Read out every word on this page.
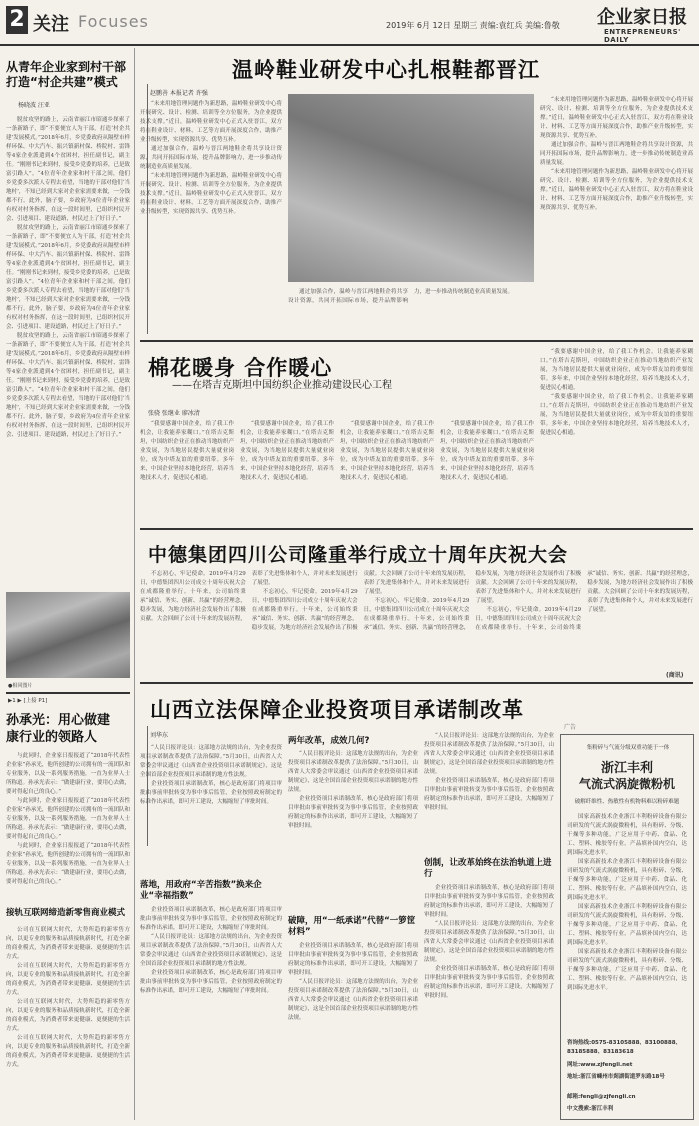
2 关注 Focuses	2019年 6月 12日 星期三 责编:袁红兵 美编:鲁敬 企业家日报
ENTREPRENEURS' DAILY
从青年企业家到村干部
打造“村企共建”模式
杨晓波 汪亚

脱贫攻坚的路上，云南省丽江市昭通乡探索了一条新路子，即“不要便宜人为干部，打造‘村企共建’发展模式。”2018年6月，乡党委政府从隔壁市样样环保、中大汽车、振兴镇新村保、桥院村、雷锋等4家企业派遣到4个贫困村，担任副书记，副主任。“刚刚书记来到村，接受乡党委的培养，已是致富引路人”。“4位青年企业家和村干部之间，他们乡党委多次派人专程去看望，当地的干部对他们‘当地村’，不知已经到大家对企业家需要来做，一分钱都不行。此外，脑子要，乡政府为4位青年企业家有权对村务指挥，在这一段时间里，已组织村民开会、引进项目、建设道路，村民过上了好日子。”

脱贫攻坚的路上，云南省丽江市昭通乡探索了一条新路子，即“不要便宜人为干部，打造‘村企共建’发展模式。”2018年6月，乡党委政府从隔壁市样样环保、中大汽车、振兴镇新村保、桥院村、雷锋等4家企业派遣到4个贫困村，担任副书记，副主任。“刚刚书记来到村，接受乡党委的培养，已是致富引路人”。“4位青年企业家和村干部之间，他们乡党委多次派人专程去看望，当地的干部对他们‘当地村’，不知已经到大家对企业家需要来做，一分钱都不行。此外，脑子要，乡政府为4位青年企业家有权对村务指挥，在这一段时间里，已组织村民开会、引进项目、建设道路，村民过上了好日子。”

脱贫攻坚的路上，云南省丽江市昭通乡探索了一条新路子，即“不要便宜人为干部，打造‘村企共建’发展模式。”2018年6月，乡党委政府从隔壁市样样环保、中大汽车、振兴镇新村保、桥院村、雷锋等4家企业派遣到4个贫困村，担任副书记，副主任。“刚刚书记来到村，接受乡党委的培养，已是致富引路人”。“4位青年企业家和村干部之间，他们乡党委多次派人专程去看望，当地的干部对他们‘当地村’，不知已经到大家对企业家需要来做，一分钱都不行。此外，脑子要，乡政府为4位青年企业家有权对村务指挥，在这一段时间里，已组织村民开会、引进项目、建设道路，村民过上了好日子。”

●相同图片
▶1 ▶ [上接 P1]
孙承光：用心做建
康行业的领路人

与此同时，企业家日报报道了“2018年代表性企业家”孙承光，他所创建的公司拥有的一流团队和专业服务，以及一系列服务措施，一直为业界人士所称道。孙承光表示：“做建康行业，要用心去做，要对得起自己的良心。”

与此同时，企业家日报报道了“2018年代表性企业家”孙承光，他所创建的公司拥有的一流团队和专业服务，以及一系列服务措施，一直为业界人士所称道。孙承光表示：“做建康行业，要用心去做，要对得起自己的良心。”

与此同时，企业家日报报道了“2018年代表性企业家”孙承光，他所创建的公司拥有的一流团队和专业服务，以及一系列服务措施，一直为业界人士所称道。孙承光表示：“做建康行业，要用心去做，要对得起自己的良心。”

接轨互联网缔造新零售商业模式

公司在互联网大时代，大势所趋的新零售方向，以更专业的服务和品质接轨新时代，打造全新的商业模式，为消费者带来更健康、更便捷的生活方式。

公司在互联网大时代，大势所趋的新零售方向，以更专业的服务和品质接轨新时代，打造全新的商业模式，为消费者带来更健康、更便捷的生活方式。

公司在互联网大时代，大势所趋的新零售方向，以更专业的服务和品质接轨新时代，打造全新的商业模式，为消费者带来更健康、更便捷的生活方式。

公司在互联网大时代，大势所趋的新零售方向，以更专业的服务和品质接轨新时代，打造全新的商业模式，为消费者带来更健康、更便捷的生活方式。

温岭鞋业研发中心扎根鞋都晋江
赵鹏善 本报记者 许强

“未来用地管理问题作为新思路，温岭鞋业研发中心将开展研究、设计、检测、培训等全方位服务，为企业提供技术支撑。”近日，温岭鞋业研发中心正式入驻晋江，双方将在鞋业设计、材料、工艺等方面开展深度合作，助推产业升级转型，实现资源共享、优势互补。

通过加强合作，温岭与晋江两地鞋企将共享设计资源，共同开拓国际市场，提升品牌影响力，进一步推动传统制造业高质量发展。

“未来用地管理问题作为新思路，温岭鞋业研发中心将开展研究、设计、检测、培训等全方位服务，为企业提供技术支撑。”近日，温岭鞋业研发中心正式入驻晋江，双方将在鞋业设计、材料、工艺等方面开展深度合作，助推产业升级转型，实现资源共享、优势互补。

通过加强合作，温岭与晋江两地鞋企将共享设计资源，共同开拓国际市场，提升品牌影响力，进一步推动传统制造业高质量发展。

“未来用地管理问题作为新思路，温岭鞋业研发中心将开展研究、设计、检测、培训等全方位服务，为企业提供技术支撑。”近日，温岭鞋业研发中心正式入驻晋江，双方将在鞋业设计、材料、工艺等方面开展深度合作，助推产业升级转型，实现资源共享、优势互补。

通过加强合作，温岭与晋江两地鞋企将共享设计资源，共同开拓国际市场，提升品牌影响力，进一步推动传统制造业高质量发展。

“未来用地管理问题作为新思路，温岭鞋业研发中心将开展研究、设计、检测、培训等全方位服务，为企业提供技术支撑。”近日，温岭鞋业研发中心正式入驻晋江，双方将在鞋业设计、材料、工艺等方面开展深度合作，助推产业升级转型，实现资源共享、优势互补。

棉花暖身 合作暖心
——在塔吉克斯坦中国纺织企业推动建设民心工程
张骁 张继业 廖冰清

“我要感谢中国企业，给了我工作机会，让我能养家糊口。”在塔吉克斯坦，中国纺织企业正在推动当地纺织产业发展，为当地居民提供大量就业岗位，成为中塔友谊的重要纽带。多年来，中国企业坚持本地化经营，培养当地技术人才，促进民心相通。

“我要感谢中国企业，给了我工作机会，让我能养家糊口。”在塔吉克斯坦，中国纺织企业正在推动当地纺织产业发展，为当地居民提供大量就业岗位，成为中塔友谊的重要纽带。多年来，中国企业坚持本地化经营，培养当地技术人才，促进民心相通。

“我要感谢中国企业，给了我工作机会，让我能养家糊口。”在塔吉克斯坦，中国纺织企业正在推动当地纺织产业发展，为当地居民提供大量就业岗位，成为中塔友谊的重要纽带。多年来，中国企业坚持本地化经营，培养当地技术人才，促进民心相通。

“我要感谢中国企业，给了我工作机会，让我能养家糊口。”在塔吉克斯坦，中国纺织企业正在推动当地纺织产业发展，为当地居民提供大量就业岗位，成为中塔友谊的重要纽带。多年来，中国企业坚持本地化经营，培养当地技术人才，促进民心相通。

“我要感谢中国企业，给了我工作机会，让我能养家糊口。”在塔吉克斯坦，中国纺织企业正在推动当地纺织产业发展，为当地居民提供大量就业岗位，成为中塔友谊的重要纽带。多年来，中国企业坚持本地化经营，培养当地技术人才，促进民心相通。

“我要感谢中国企业，给了我工作机会，让我能养家糊口。”在塔吉克斯坦，中国纺织企业正在推动当地纺织产业发展，为当地居民提供大量就业岗位，成为中塔友谊的重要纽带。多年来，中国企业坚持本地化经营，培养当地技术人才，促进民心相通。

中德集团四川公司隆重举行成立十周年庆祝大会

不忘初心，牢记使命。2019年4月29日，中德集团四川公司成立十周年庆祝大会在成都隆重举行。十年来，公司始终秉承“诚信、务实、创新、共赢”的经营理念，稳步发展，为地方经济社会发展作出了积极贡献。大会回顾了公司十年来的发展历程，表彰了先进集体和个人，并对未来发展进行了展望。

不忘初心，牢记使命。2019年4月29日，中德集团四川公司成立十周年庆祝大会在成都隆重举行。十年来，公司始终秉承“诚信、务实、创新、共赢”的经营理念，稳步发展，为地方经济社会发展作出了积极贡献。大会回顾了公司十年来的发展历程，表彰了先进集体和个人，并对未来发展进行了展望。

不忘初心，牢记使命。2019年4月29日，中德集团四川公司成立十周年庆祝大会在成都隆重举行。十年来，公司始终秉承“诚信、务实、创新、共赢”的经营理念，稳步发展，为地方经济社会发展作出了积极贡献。大会回顾了公司十年来的发展历程，表彰了先进集体和个人，并对未来发展进行了展望。

不忘初心，牢记使命。2019年4月29日，中德集团四川公司成立十周年庆祝大会在成都隆重举行。十年来，公司始终秉承“诚信、务实、创新、共赢”的经营理念，稳步发展，为地方经济社会发展作出了积极贡献。大会回顾了公司十年来的发展历程，表彰了先进集体和个人，并对未来发展进行了展望。

(商讯)
山西立法保障企业投资项目承诺制改革
刘华东

“人民日报评论员：这部地方法规的出台，为企业投资项目承诺制改革提供了法治保障。”5月30日，山西省人大常委会审议通过《山西省企业投资项目承诺制规定》，这是全国首部企业投资项目承诺制的地方性法规。

企业投资项目承诺制改革，核心是政府部门将项目审批由事前审批转变为事中事后监管，企业按照政府制定的标准作出承诺，即可开工建设，大幅缩短了审批时间。

落地，用政府“辛苦指数”换来企业“幸福指数”

企业投资项目承诺制改革，核心是政府部门将项目审批由事前审批转变为事中事后监管，企业按照政府制定的标准作出承诺，即可开工建设，大幅缩短了审批时间。

“人民日报评论员：这部地方法规的出台，为企业投资项目承诺制改革提供了法治保障。”5月30日，山西省人大常委会审议通过《山西省企业投资项目承诺制规定》，这是全国首部企业投资项目承诺制的地方性法规。

企业投资项目承诺制改革，核心是政府部门将项目审批由事前审批转变为事中事后监管，企业按照政府制定的标准作出承诺，即可开工建设，大幅缩短了审批时间。

两年改革，成效几何?

“人民日报评论员：这部地方法规的出台，为企业投资项目承诺制改革提供了法治保障。”5月30日，山西省人大常委会审议通过《山西省企业投资项目承诺制规定》，这是全国首部企业投资项目承诺制的地方性法规。

企业投资项目承诺制改革，核心是政府部门将项目审批由事前审批转变为事中事后监管，企业按照政府制定的标准作出承诺，即可开工建设，大幅缩短了审批时间。

破障，用“一纸承诺”代替“一箩筐材料”

企业投资项目承诺制改革，核心是政府部门将项目审批由事前审批转变为事中事后监管，企业按照政府制定的标准作出承诺，即可开工建设，大幅缩短了审批时间。

“人民日报评论员：这部地方法规的出台，为企业投资项目承诺制改革提供了法治保障。”5月30日，山西省人大常委会审议通过《山西省企业投资项目承诺制规定》，这是全国首部企业投资项目承诺制的地方性法规。

“人民日报评论员：这部地方法规的出台，为企业投资项目承诺制改革提供了法治保障。”5月30日，山西省人大常委会审议通过《山西省企业投资项目承诺制规定》，这是全国首部企业投资项目承诺制的地方性法规。

企业投资项目承诺制改革，核心是政府部门将项目审批由事前审批转变为事中事后监管，企业按照政府制定的标准作出承诺，即可开工建设，大幅缩短了审批时间。

创制，让改革始终在法治轨道上进行

企业投资项目承诺制改革，核心是政府部门将项目审批由事前审批转变为事中事后监管，企业按照政府制定的标准作出承诺，即可开工建设，大幅缩短了审批时间。

“人民日报评论员：这部地方法规的出台，为企业投资项目承诺制改革提供了法治保障。”5月30日，山西省人大常委会审议通过《山西省企业投资项目承诺制规定》，这是全国首部企业投资项目承诺制的地方性法规。

企业投资项目承诺制改革，核心是政府部门将项目审批由事前审批转变为事中事后监管，企业按照政府制定的标准作出承诺，即可开工建设，大幅缩短了审批时间。

广告
集粉碎与气流分级双重功能于一体
浙江丰利
气流式涡旋微粉机
破解纤维性、热敏性有机物料难以粉碎难题

国家高新技术企业浙江丰利粉碎设备有限公司研发的气流式涡旋微粉机，具有粉碎、分级、干燥等多种功能，广泛应用于中药、食品、化工、塑料、橡胶等行业。产品填补国内空白，达到国际先进水平。

国家高新技术企业浙江丰利粉碎设备有限公司研发的气流式涡旋微粉机，具有粉碎、分级、干燥等多种功能，广泛应用于中药、食品、化工、塑料、橡胶等行业。产品填补国内空白，达到国际先进水平。

国家高新技术企业浙江丰利粉碎设备有限公司研发的气流式涡旋微粉机，具有粉碎、分级、干燥等多种功能，广泛应用于中药、食品、化工、塑料、橡胶等行业。产品填补国内空白，达到国际先进水平。

国家高新技术企业浙江丰利粉碎设备有限公司研发的气流式涡旋微粉机，具有粉碎、分级、干燥等多种功能，广泛应用于中药、食品、化工、塑料、橡胶等行业。产品填补国内空白，达到国际先进水平。

咨询热线:0575-83105888、83100888、83185888、83183618
网址:www.zjfengli.net
地址:浙江省嵊州市剡湖街道罗东路18号
邮箱:fengli@zjfengli.cn
中文搜索:浙江丰利
